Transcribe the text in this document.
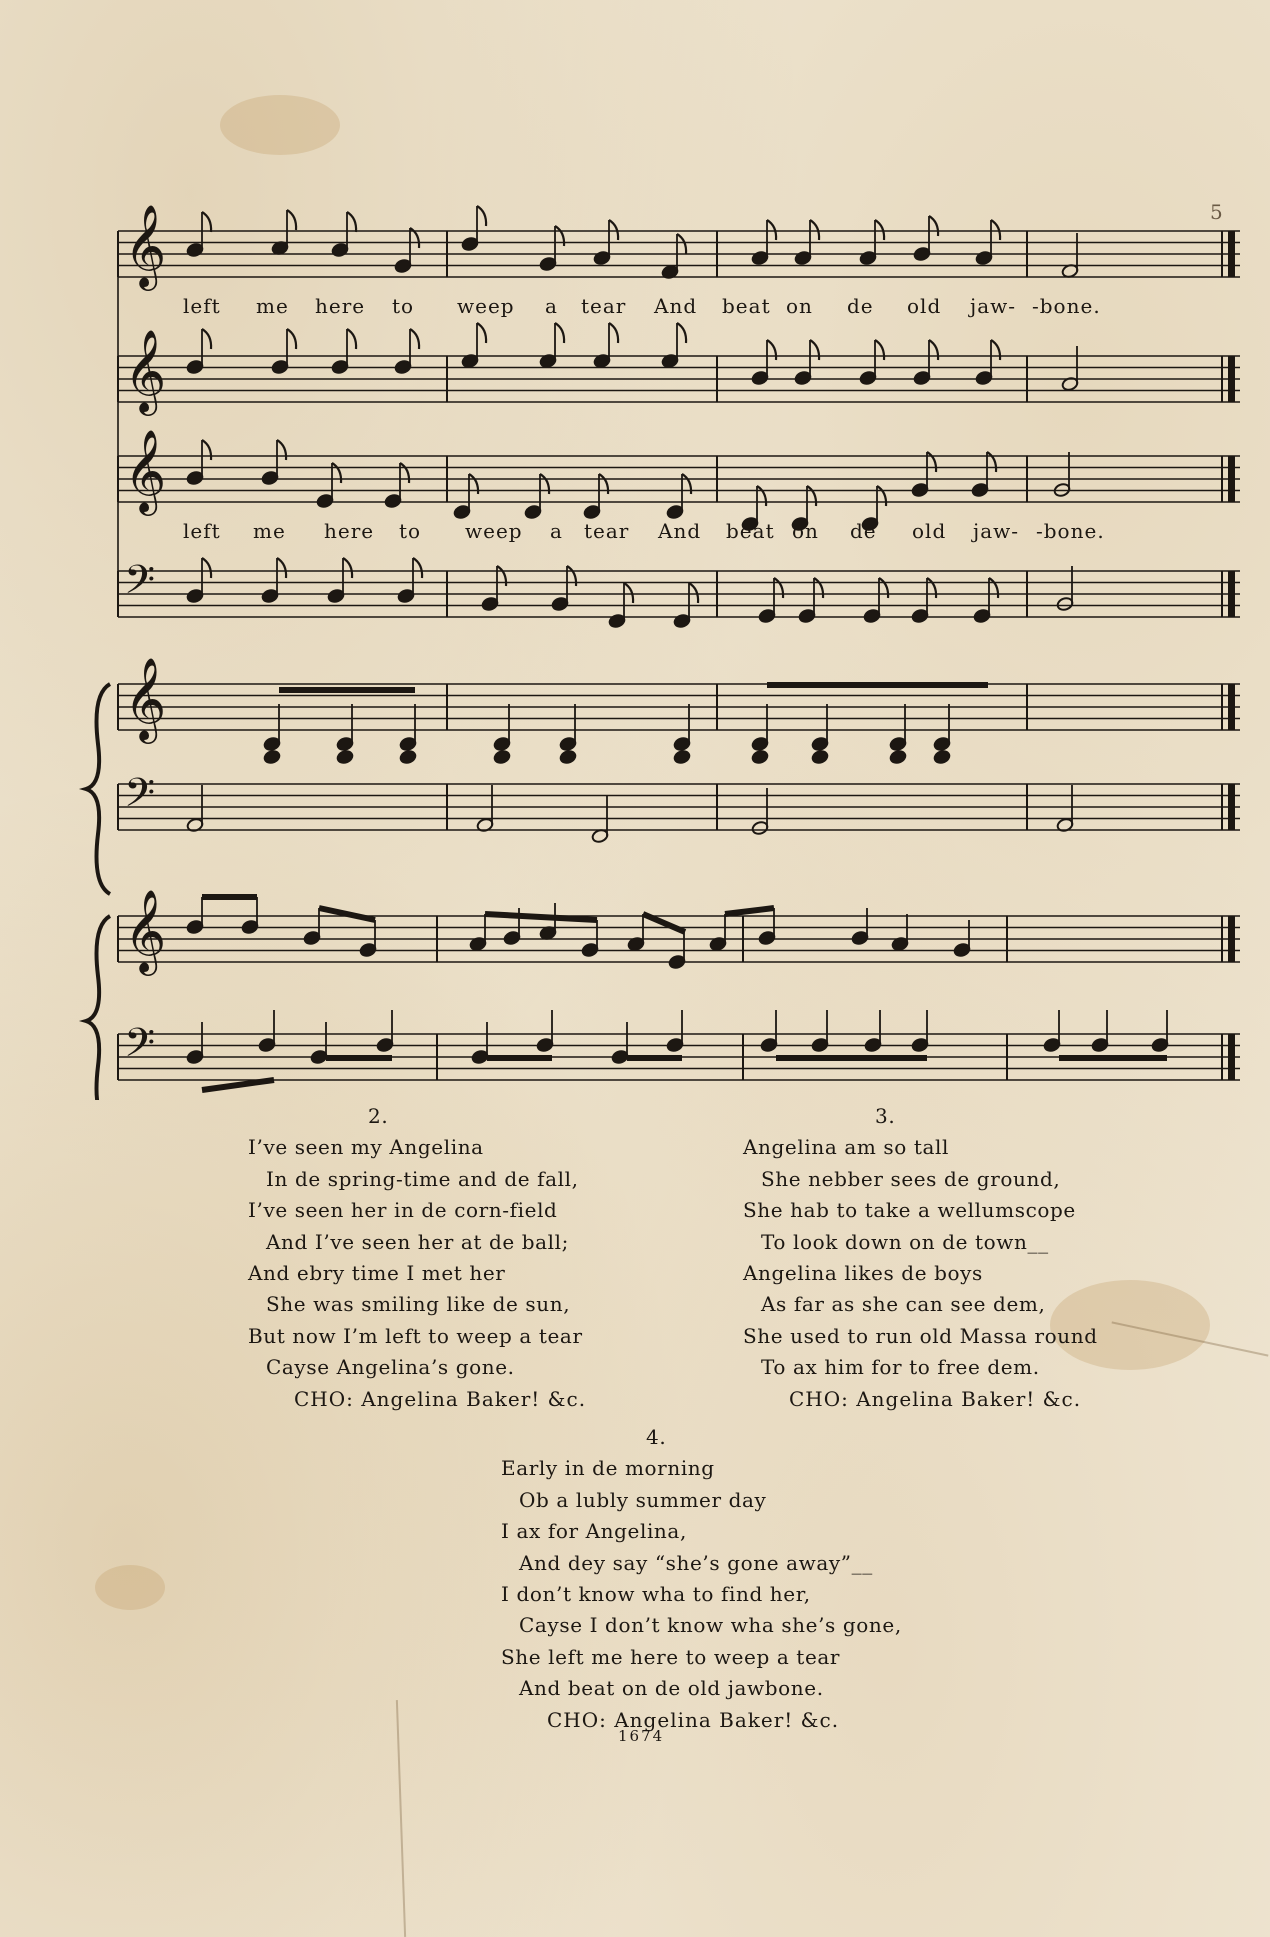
5
𝄞
𝄞
𝄞
𝄢
𝄞
𝄢
𝄞
𝄢
left me here to weep a tear And beat on de old jaw- -bone.
left me here to weep a tear And beat on de old jaw- -bone.
2.
I’ve seen my Angelina
In de spring-time and de fall,
I’ve seen her in de corn-field
And I’ve seen her at de ball;
And ebry time I met her
She was smiling like de sun,
But now I’m left to weep a tear
Cayse Angelina’s gone.
CHO: Angelina Baker! &c.
3.
Angelina am so tall
She nebber sees de ground,
She hab to take a wellumscope
To look down on de town__
Angelina likes de boys
As far as she can see dem,
She used to run old Massa round
To ax him for to free dem.
CHO: Angelina Baker! &c.
4.
Early in de morning
Ob a lubly summer day
I ax for Angelina,
And dey say “she’s gone away”__
I don’t know wha to find her,
Cayse I don’t know wha she’s gone,
She left me here to weep a tear
And beat on de old jawbone.
CHO: Angelina Baker! &c.
1674
